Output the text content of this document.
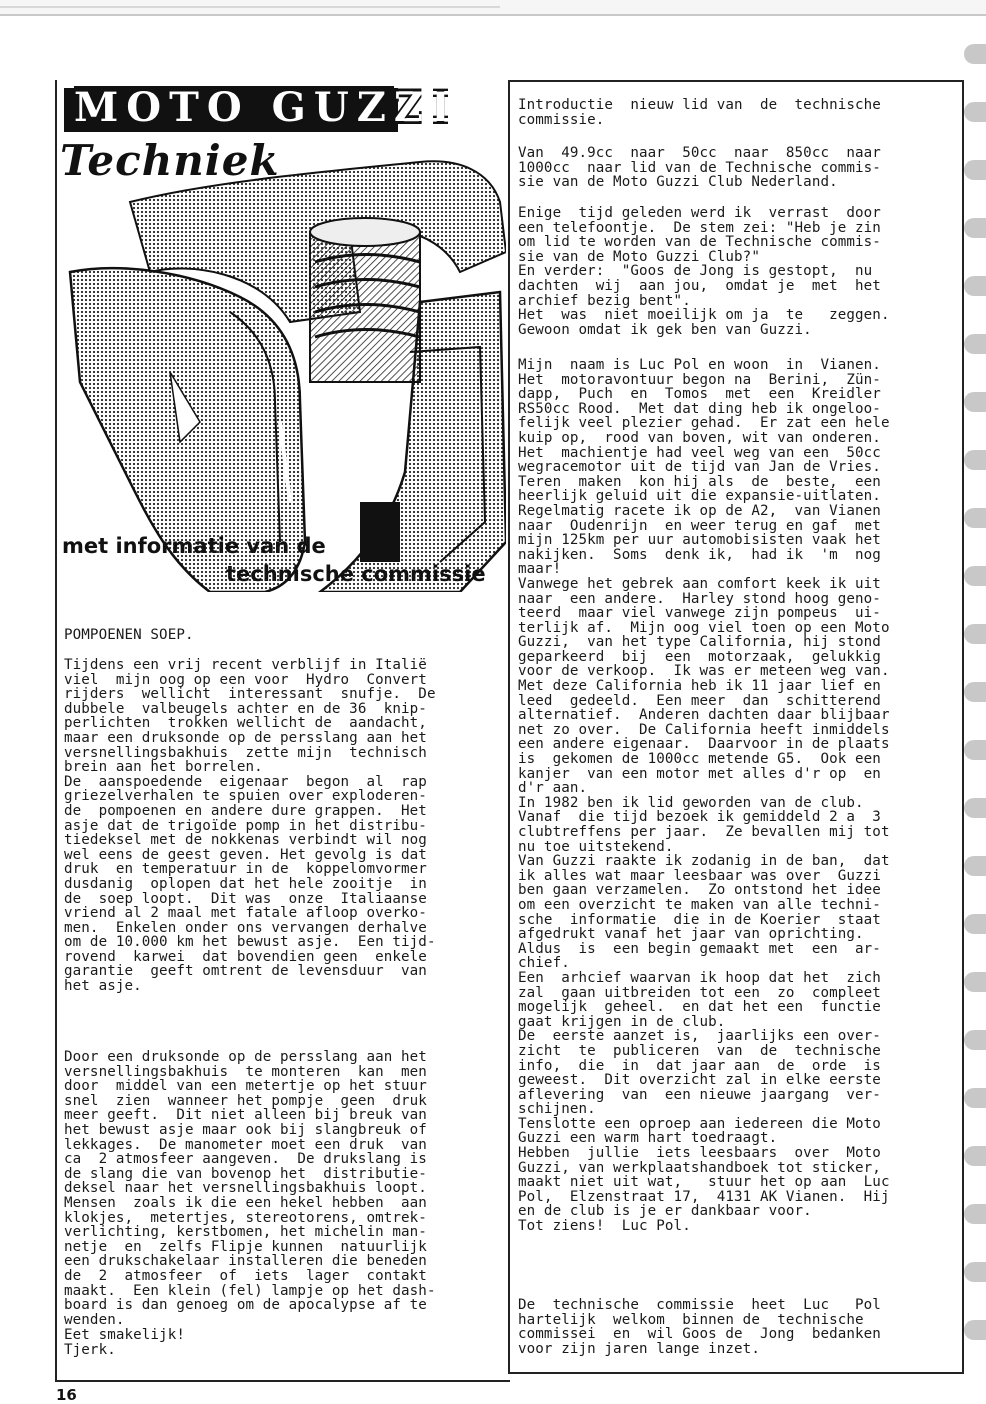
MOTO GUZZI
Techniek
met informatie van de
technische commissie
POMPOENEN SOEP.
Tijdens een vrij recent verblijf in Italië
viel  mijn oog op een voor  Hydro  Convert
rijders  wellicht  interessant  snufje.  De
dubbele  valbeugels achter en de 36  knip-
perlichten  trokken wellicht de  aandacht,
maar een druksonde op de persslang aan het
versnellingsbakhuis  zette mijn  technisch
brein aan het borrelen.
De  aanspoedende  eigenaar  begon  al  rap
griezelverhalen te spuien over exploderen-
de  pompoenen en andere dure grappen.  Het
asje dat de trigoïde pomp in het distribu-
tiedeksel met de nokkenas verbindt wil nog
wel eens de geest geven. Het gevolg is dat
druk  en temperatuur in de  koppelomvormer
dusdanig  oplopen dat het hele zooitje  in
de  soep loopt.  Dit was  onze  Italiaanse
vriend al 2 maal met fatale afloop overko-
men.  Enkelen onder ons vervangen derhalve
om de 10.000 km het bewust asje.  Een tijd-
rovend  karwei  dat bovendien geen  enkele
garantie  geeft omtrent de levensduur  van
het asje.
Door een druksonde op de persslang aan het
versnellingsbakhuis  te monteren  kan  men
door  middel van een metertje op het stuur
snel  zien  wanneer het pompje  geen  druk
meer geeft.  Dit niet alleen bij breuk van
het bewust asje maar ook bij slangbreuk of
lekkages.  De manometer moet een druk  van
ca  2 atmosfeer aangeven.  De drukslang is
de slang die van bovenop het  distributie-
deksel naar het versnellingsbakhuis loopt.
Mensen  zoals ik die een hekel hebben  aan
klokjes,  metertjes, stereotorens, omtrek-
verlichting, kerstbomen, het michelin man-
netje  en  zelfs Flipje kunnen  natuurlijk
een drukschakelaar installeren die beneden
de  2  atmosfeer  of  iets  lager  contakt
maakt.  Een klein (fel) lampje op het dash-
board is dan genoeg om de apocalypse af te
wenden.
Eet smakelijk!
Tjerk.
Introductie  nieuw lid van  de  technische
commissie.
Van  49.9cc  naar  50cc  naar  850cc  naar
1000cc  naar lid van de Technische commis-
sie van de Moto Guzzi Club Nederland.
Enige  tijd geleden werd ik  verrast  door
een telefoontje.  De stem zei: "Heb je zin
om lid te worden van de Technische commis-
sie van de Moto Guzzi Club?"
En verder:  "Goos de Jong is gestopt,  nu
dachten  wij  aan jou,  omdat je  met  het
archief bezig bent".
Het  was  niet moeilijk om ja  te   zeggen.
Gewoon omdat ik gek ben van Guzzi.
Mijn  naam is Luc Pol en woon  in  Vianen.
Het  motoravontuur begon na  Berini,  Zün-
dapp,  Puch  en  Tomos  met  een  Kreidler
RS50cc Rood.  Met dat ding heb ik ongeloo-
felijk veel plezier gehad.  Er zat een hele
kuip op,  rood van boven, wit van onderen.
Het  machientje had veel weg van een  50cc
wegracemotor uit de tijd van Jan de Vries.
Teren  maken  kon hij als  de  beste,  een
heerlijk geluid uit die expansie-uitlaten.
Regelmatig racete ik op de A2,  van Vianen
naar  Oudenrijn  en weer terug en gaf  met
mijn 125km per uur automobisisten vaak het
nakijken.  Soms  denk ik,  had ik  'm  nog
maar!
Vanwege het gebrek aan comfort keek ik uit
naar  een andere.  Harley stond hoog geno-
teerd  maar viel vanwege zijn pompeus  ui-
terlijk af.  Mijn oog viel toen op een Moto
Guzzi,  van het type California, hij stond
geparkeerd  bij  een  motorzaak,  gelukkig
voor de verkoop.  Ik was er meteen weg van.
Met deze California heb ik 11 jaar lief en
leed  gedeeld.  Een meer  dan  schitterend
alternatief.  Anderen dachten daar blijbaar
net zo over.  De California heeft inmiddels
een andere eigenaar.  Daarvoor in de plaats
is  gekomen de 1000cc metende G5.  Ook een
kanjer  van een motor met alles d'r op  en
d'r aan.
In 1982 ben ik lid geworden van de club.
Vanaf  die tijd bezoek ik gemiddeld 2 a  3
clubtreffens per jaar.  Ze bevallen mij tot
nu toe uitstekend.
Van Guzzi raakte ik zodanig in de ban,  dat
ik alles wat maar leesbaar was over  Guzzi
ben gaan verzamelen.  Zo ontstond het idee
om een overzicht te maken van alle techni-
sche  informatie  die in de Koerier  staat
afgedrukt vanaf het jaar van oprichting.
Aldus  is  een begin gemaakt met  een  ar-
chief.
Een  arhcief waarvan ik hoop dat het  zich
zal  gaan uitbreiden tot een  zo  compleet
mogelijk  geheel.  en dat het een  functie
gaat krijgen in de club.
De  eerste aanzet is,  jaarlijks een over-
zicht  te  publiceren  van  de  technische
info,  die  in  dat jaar aan  de  orde  is
geweest.  Dit overzicht zal in elke eerste
aflevering  van  een nieuwe jaargang  ver-
schijnen.
Tenslotte een oproep aan iedereen die Moto
Guzzi een warm hart toedraagt.
Hebben  jullie  iets leesbaars  over  Moto
Guzzi, van werkplaatshandboek tot sticker,
maakt niet uit wat,   stuur het op aan  Luc
Pol,  Elzenstraat 17,  4131 AK Vianen.  Hij
en de club is je er dankbaar voor.
Tot ziens!  Luc Pol.
De  technische  commissie  heet  Luc   Pol
hartelijk  welkom  binnen de  technische
commissei  en  wil Goos de  Jong  bedanken
voor zijn jaren lange inzet.
16
